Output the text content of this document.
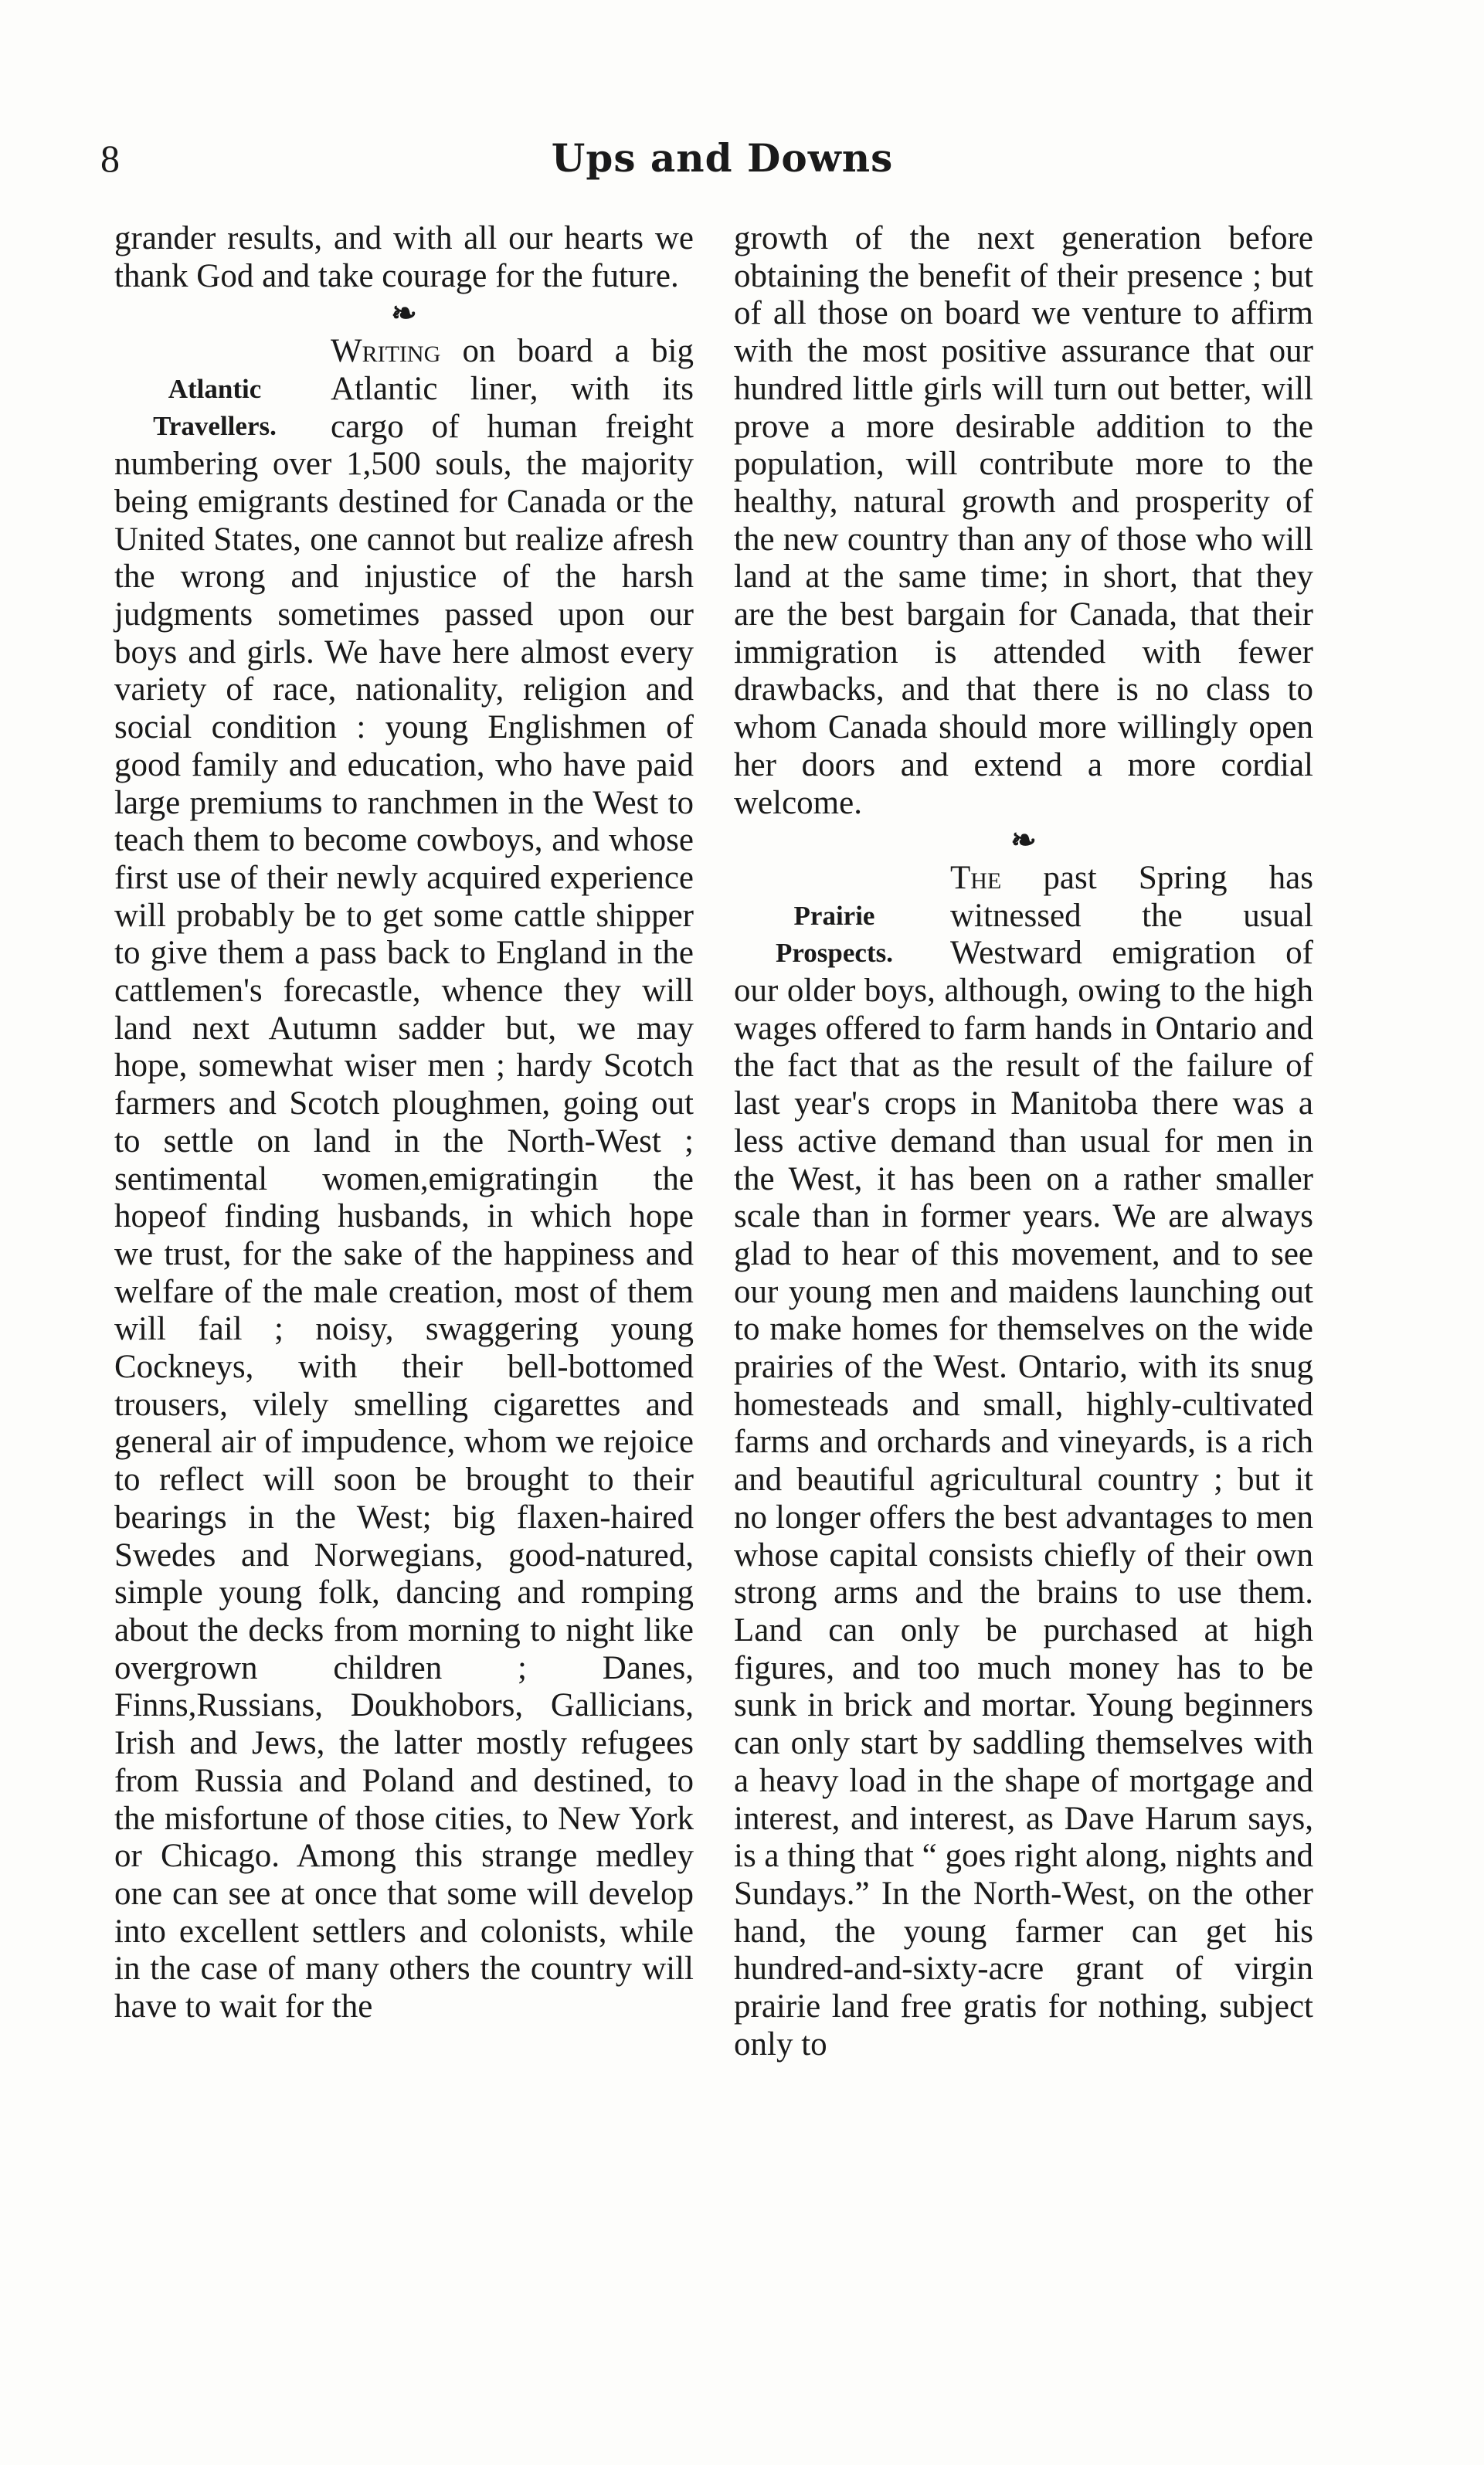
8	Ups and Downs

grander results, and with all our hearts we thank God and take courage for the future.

❧
Atlantic
Travellers.

Writing on board a big Atlantic liner, with its cargo of human freight numbering over 1,500 souls, the majority being emigrants destined for Canada or the United States, one cannot but realize afresh the wrong and injustice of the harsh judgments sometimes passed upon our boys and girls. We have here almost every variety of race, nationality, religion and social condition : young Englishmen of good family and education, who have paid large premiums to ranchmen in the West to teach them to become cowboys, and whose first use of their newly acquired experience will probably be to get some cattle shipper to give them a pass back to England in the cattlemen's forecastle, whence they will land next Autumn sadder but, we may hope, somewhat wiser men ; hardy Scotch farmers and Scotch ploughmen, going out to settle on land in the North-West ; sentimental women,emigratingin the hopeof finding husbands, in which hope we trust, for the sake of the happiness and welfare of the male creation, most of them will fail ; noisy, swaggering young Cockneys, with their bell-bottomed trousers, vilely smelling cigarettes and general air of impudence, whom we rejoice to reflect will soon be brought to their bearings in the West; big flaxen-haired Swedes and Norwegians, good-natured, simple young folk, dancing and romping about the decks from morning to night like overgrown children ; Danes, Finns,Russians, Doukhobors, Gallicians, Irish and Jews, the latter mostly refugees from Russia and Poland and destined, to the misfortune of those cities, to New York or Chicago. Among this strange medley one can see at once that some will develop into excellent settlers and colonists, while in the case of many others the country will have to wait for the

growth of the next generation before obtaining the benefit of their presence ; but of all those on board we venture to affirm with the most positive assurance that our hundred little girls will turn out better, will prove a more desirable addition to the population, will contribute more to the healthy, natural growth and prosperity of the new country than any of those who will land at the same time; in short, that they are the best bargain for Canada, that their immigration is attended with fewer drawbacks, and that there is no class to whom Canada should more willingly open her doors and extend a more cordial welcome.

❧
Prairie
Prospects.

The past Spring has witnessed the usual Westward emigration of our older boys, although, owing to the high wages offered to farm hands in Ontario and the fact that as the result of the failure of last year's crops in Manitoba there was a less active demand than usual for men in the West, it has been on a rather smaller scale than in former years. We are always glad to hear of this movement, and to see our young men and maidens launching out to make homes for themselves on the wide prairies of the West. Ontario, with its snug homesteads and small, highly-cultivated farms and orchards and vineyards, is a rich and beautiful agricultural country ; but it no longer offers the best advantages to men whose capital consists chiefly of their own strong arms and the brains to use them. Land can only be purchased at high figures, and too much money has to be sunk in brick and mortar. Young beginners can only start by saddling themselves with a heavy load in the shape of mortgage and interest, and interest, as Dave Harum says, is a thing that “ goes right along, nights and Sundays.” In the North-West, on the other hand, the young farmer can get his hundred-and-sixty-acre grant of virgin prairie land free gratis for nothing, subject only to
